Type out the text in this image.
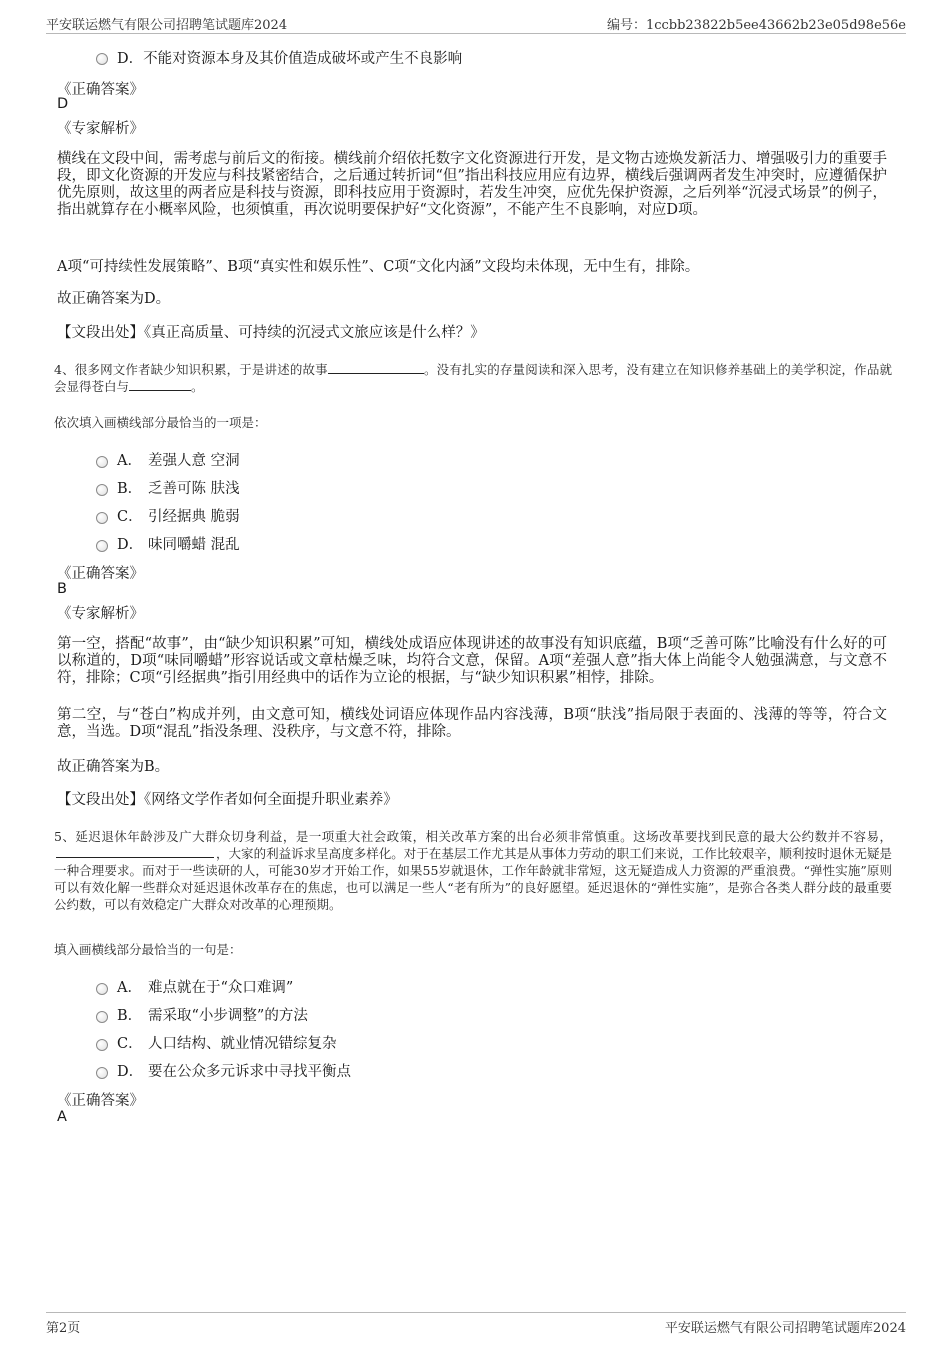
平安联运燃气有限公司招聘笔试题库2024	编号：1ccbb23822b5ee43662b23e05d98e56e
D．不能对资源本身及其价值造成破坏或产生不良影响
《正确答案》
D
《专家解析》
横线在文段中间，需考虑与前后文的衔接。横线前介绍依托数字文化资源进行开发，是文物古迹焕发新活力、增强吸引力的重要手段，即文化资源的开发应与科技紧密结合，之后通过转折词“但”指出科技应用应有边界，横线后强调两者发生冲突时，应遵循保护优先原则，故这里的两者应是科技与资源，即科技应用于资源时，若发生冲突，应优先保护资源，之后列举“沉浸式场景”的例子，指出就算存在小概率风险，也须慎重，再次说明要保护好“文化资源”，不能产生不良影响，对应D项。
A项“可持续性发展策略”、B项“真实性和娱乐性”、C项“文化内涵”文段均未体现，无中生有，排除。
故正确答案为D。
【文段出处】《真正高质量、可持续的沉浸式文旅应该是什么样？》
4、很多网文作者缺少知识积累，于是讲述的故事	。没有扎实的存量阅读和深入思考，没有建立在知识修养基础上的美学积淀，作品就会显得苍白与	。
依次填入画横线部分最恰当的一项是：
A． 差强人意 空洞
B． 乏善可陈 肤浅
C． 引经据典 脆弱
D． 味同嚼蜡 混乱
《正确答案》
B
《专家解析》
第一空，搭配“故事”，由“缺少知识积累”可知，横线处成语应体现讲述的故事没有知识底蕴，B项“乏善可陈”比喻没有什么好的可以称道的，D项“味同嚼蜡”形容说话或文章枯燥乏味，均符合文意，保留。A项“差强人意”指大体上尚能令人勉强满意，与文意不符，排除；C项“引经据典”指引用经典中的话作为立论的根据，与“缺少知识积累”相悖，排除。
第二空，与“苍白”构成并列，由文意可知，横线处词语应体现作品内容浅薄，B项“肤浅”指局限于表面的、浅薄的等等，符合文意，当选。D项“混乱”指没条理、没秩序，与文意不符，排除。
故正确答案为B。
【文段出处】《网络文学作者如何全面提升职业素养》
5、延迟退休年龄涉及广大群众切身利益，是一项重大社会政策，相关改革方案的出台必须非常慎重。这场改革要找到民意的最大公约数并不容易，，大家的利益诉求呈高度多样化。对于在基层工作尤其是从事体力劳动的职工们来说，工作比较艰辛，顺利按时退休无疑是一种合理要求。而对于一些读研的人，可能30岁才开始工作，如果55岁就退休，工作年龄就非常短，这无疑造成人力资源的严重浪费。“弹性实施”原则可以有效化解一些群众对延迟退休改革存在的焦虑，也可以满足一些人“老有所为”的良好愿望。延迟退休的“弹性实施”，是弥合各类人群分歧的最重要公约数，可以有效稳定广大群众对改革的心理预期。
填入画横线部分最恰当的一句是：
A． 难点就在于“众口难调”
B． 需采取“小步调整”的方法
C． 人口结构、就业情况错综复杂
D． 要在公众多元诉求中寻找平衡点
《正确答案》
A
第2页	平安联运燃气有限公司招聘笔试题库2024
